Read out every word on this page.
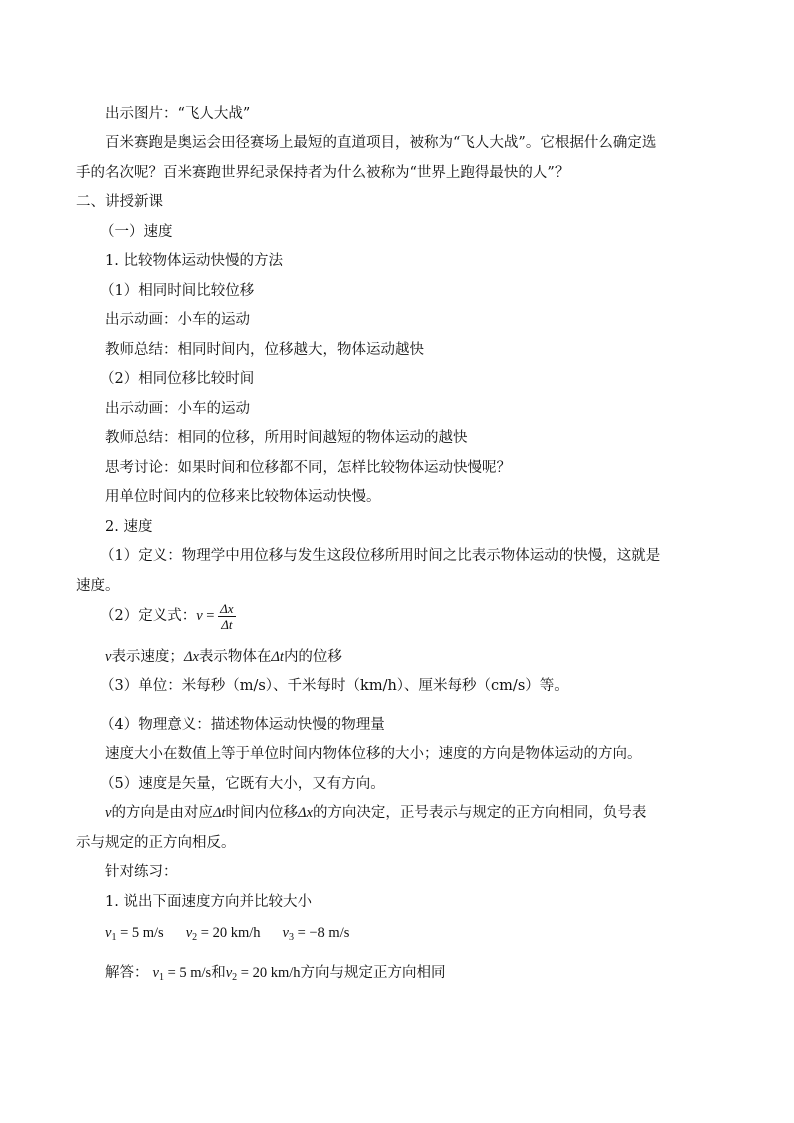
出示图片：“飞人大战”
百米赛跑是奥运会田径赛场上最短的直道项目，被称为“飞人大战”。它根据什么确定选
手的名次呢？百米赛跑世界纪录保持者为什么被称为“世界上跑得最快的人”？
二、讲授新课
（一）速度
1. 比较物体运动快慢的方法
（1）相同时间比较位移
出示动画：小车的运动
教师总结：相同时间内，位移越大，物体运动越快
（2）相同位移比较时间
出示动画：小车的运动
教师总结：相同的位移，所用时间越短的物体运动的越快
思考讨论：如果时间和位移都不同，怎样比较物体运动快慢呢？
用单位时间内的位移来比较物体运动快慢。
2. 速度
（1）定义：物理学中用位移与发生这段位移所用时间之比表示物体运动的快慢，这就是
速度。
（2）定义式：$v = \frac{\Delta x}{\Delta t}$
v表示速度；Δx表示物体在Δt内的位移
（3）单位：米每秒（m/s）、千米每时（km/h）、厘米每秒（cm/s）等。
（4）物理意义：描述物体运动快慢的物理量
速度大小在数值上等于单位时间内物体位移的大小；速度的方向是物体运动的方向。
（5）速度是矢量，它既有大小，又有方向。
v的方向是由对应Δt时间内位移Δx的方向决定，正号表示与规定的正方向相同，负号表
示与规定的正方向相反。
针对练习：
1. 说出下面速度方向并比较大小
$v_1 = 5$ m/s $v_2 = 20$ km/h $v_3 = -8$ m/s
解答： $v_1 = 5$ m/s和$v_2 = 20$ km/h方向与规定正方向相同
